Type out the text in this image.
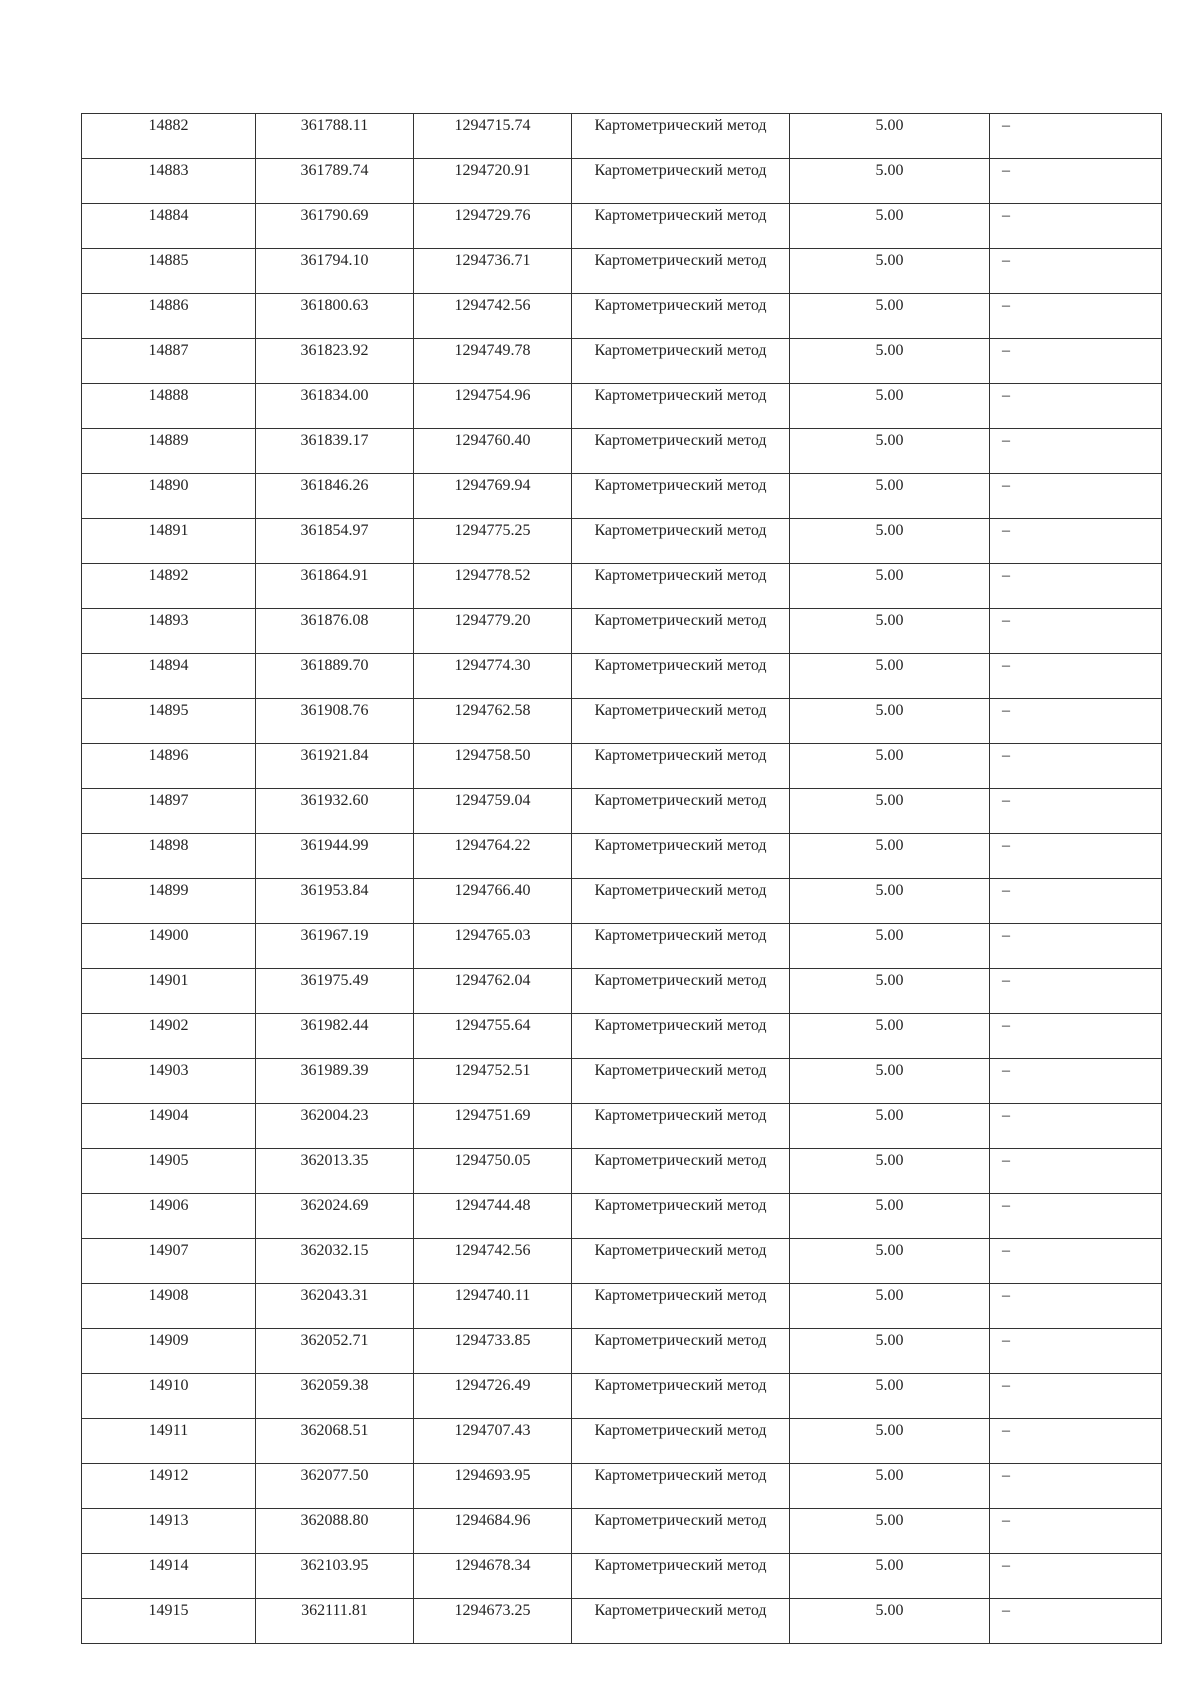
14882	361788.11	1294715.74	Картометрический метод	5.00	–
14883	361789.74	1294720.91	Картометрический метод	5.00	–
14884	361790.69	1294729.76	Картометрический метод	5.00	–
14885	361794.10	1294736.71	Картометрический метод	5.00	–
14886	361800.63	1294742.56	Картометрический метод	5.00	–
14887	361823.92	1294749.78	Картометрический метод	5.00	–
14888	361834.00	1294754.96	Картометрический метод	5.00	–
14889	361839.17	1294760.40	Картометрический метод	5.00	–
14890	361846.26	1294769.94	Картометрический метод	5.00	–
14891	361854.97	1294775.25	Картометрический метод	5.00	–
14892	361864.91	1294778.52	Картометрический метод	5.00	–
14893	361876.08	1294779.20	Картометрический метод	5.00	–
14894	361889.70	1294774.30	Картометрический метод	5.00	–
14895	361908.76	1294762.58	Картометрический метод	5.00	–
14896	361921.84	1294758.50	Картометрический метод	5.00	–
14897	361932.60	1294759.04	Картометрический метод	5.00	–
14898	361944.99	1294764.22	Картометрический метод	5.00	–
14899	361953.84	1294766.40	Картометрический метод	5.00	–
14900	361967.19	1294765.03	Картометрический метод	5.00	–
14901	361975.49	1294762.04	Картометрический метод	5.00	–
14902	361982.44	1294755.64	Картометрический метод	5.00	–
14903	361989.39	1294752.51	Картометрический метод	5.00	–
14904	362004.23	1294751.69	Картометрический метод	5.00	–
14905	362013.35	1294750.05	Картометрический метод	5.00	–
14906	362024.69	1294744.48	Картометрический метод	5.00	–
14907	362032.15	1294742.56	Картометрический метод	5.00	–
14908	362043.31	1294740.11	Картометрический метод	5.00	–
14909	362052.71	1294733.85	Картометрический метод	5.00	–
14910	362059.38	1294726.49	Картометрический метод	5.00	–
14911	362068.51	1294707.43	Картометрический метод	5.00	–
14912	362077.50	1294693.95	Картометрический метод	5.00	–
14913	362088.80	1294684.96	Картометрический метод	5.00	–
14914	362103.95	1294678.34	Картометрический метод	5.00	–
14915	362111.81	1294673.25	Картометрический метод	5.00	–
